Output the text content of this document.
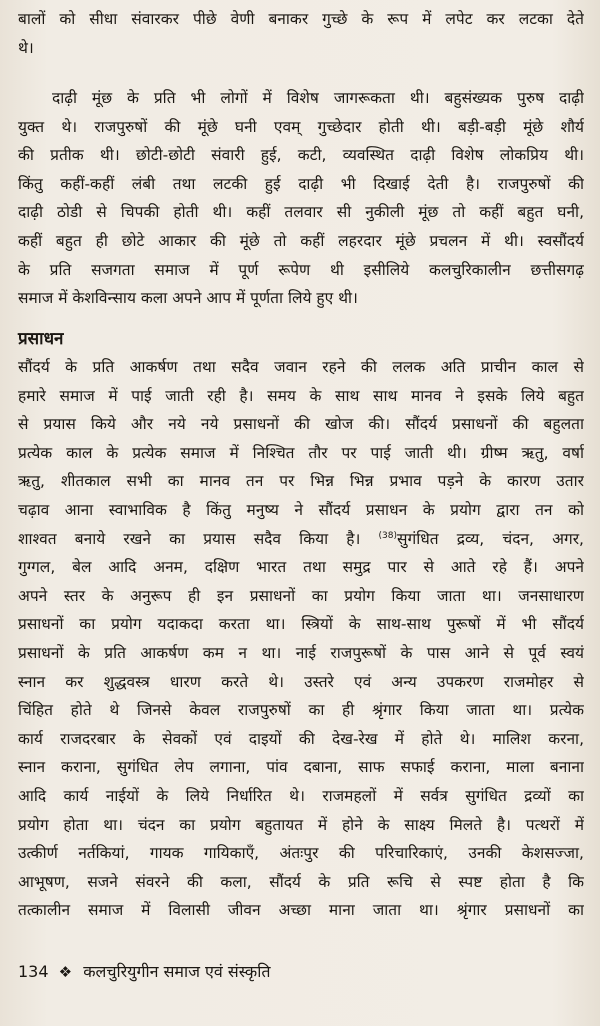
बालों को सीधा संवारकर पीछे वेणी बनाकर गुच्छे के रूप में लपेट कर लटका देते
थे।
दाढ़ी मूंछ के प्रति भी लोगों में विशेष जागरूकता थी। बहुसंख्यक पुरुष दाढ़ी
युक्त थे। राजपुरुषों की मूंछे घनी एवम् गुच्छेदार होती थी। बड़ी-बड़ी मूंछे शौर्य
की प्रतीक थी। छोटी-छोटी संवारी हुई, कटी, व्यवस्थित दाढ़ी विशेष लोकप्रिय थी।
किंतु कहीं-कहीं लंबी तथा लटकी हुई दाढ़ी भी दिखाई देती है। राजपुरुषों की
दाढ़ी ठोडी से चिपकी होती थी। कहीं तलवार सी नुकीली मूंछ तो कहीं बहुत घनी,
कहीं बहुत ही छोटे आकार की मूंछे तो कहीं लहरदार मूंछे प्रचलन में थी। स्वसौंदर्य
के प्रति सजगता समाज में पूर्ण रूपेण थी इसीलिये कलचुरिकालीन छत्तीसगढ़
समाज में केशविन्साय कला अपने आप में पूर्णता लिये हुए थी।
प्रसाधन
सौंदर्य के प्रति आकर्षण तथा सदैव जवान रहने की ललक अति प्राचीन काल से
हमारे समाज में पाई जाती रही है। समय के साथ साथ मानव ने इसके लिये बहुत
से प्रयास किये और नये नये प्रसाधनों की खोज की। सौंदर्य प्रसाधनों की बहुलता
प्रत्येक काल के प्रत्येक समाज में निश्चित तौर पर पाई जाती थी। ग्रीष्म ऋतु, वर्षा
ऋतु, शीतकाल सभी का मानव तन पर भिन्न भिन्न प्रभाव पड़ने के कारण उतार
चढ़ाव आना स्वाभाविक है किंतु मनुष्य ने सौंदर्य प्रसाधन के प्रयोग द्वारा तन को
शाश्वत बनाये रखने का प्रयास सदैव किया है। $^{(38)}$सुगंधित द्रव्य, चंदन, अगर,
गुग्गल, बेल आदि अनम, दक्षिण भारत तथा समुद्र पार से आते रहे हैं। अपने
अपने स्तर के अनुरूप ही इन प्रसाधनों का प्रयोग किया जाता था। जनसाधारण
प्रसाधनों का प्रयोग यदाकदा करता था। स्त्रियों के साथ-साथ पुरूषों में भी सौंदर्य
प्रसाधनों के प्रति आकर्षण कम न था। नाई राजपुरूषों के पास आने से पूर्व स्वयं
स्नान कर शुद्धवस्त्र धारण करते थे। उस्तरे एवं अन्य उपकरण राजमोहर से
चिंहित होते थे जिनसे केवल राजपुरुषों का ही श्रृंगार किया जाता था। प्रत्येक
कार्य राजदरबार के सेवकों एवं दाइयों की देख-रेख में होते थे। मालिश करना,
स्नान कराना, सुगंधित लेप लगाना, पांव दबाना, साफ सफाई कराना, माला बनाना
आदि कार्य नाईयों के लिये निर्धारित थे। राजमहलों में सर्वत्र सुगंधित द्रव्यों का
प्रयोग होता था। चंदन का प्रयोग बहुतायत में होने के साक्ष्य मिलते है। पत्थरों में
उत्कीर्ण नर्तकियां, गायक गायिकाएँ, अंतःपुर की परिचारिकाएं, उनकी केशसज्जा,
आभूषण, सजने संवरने की कला, सौंदर्य के प्रति रूचि से स्पष्ट होता है कि
तत्कालीन समाज में विलासी जीवन अच्छा माना जाता था। श्रृंगार प्रसाधनों का
134 ❖ कलचुरियुगीन समाज एवं संस्कृति
